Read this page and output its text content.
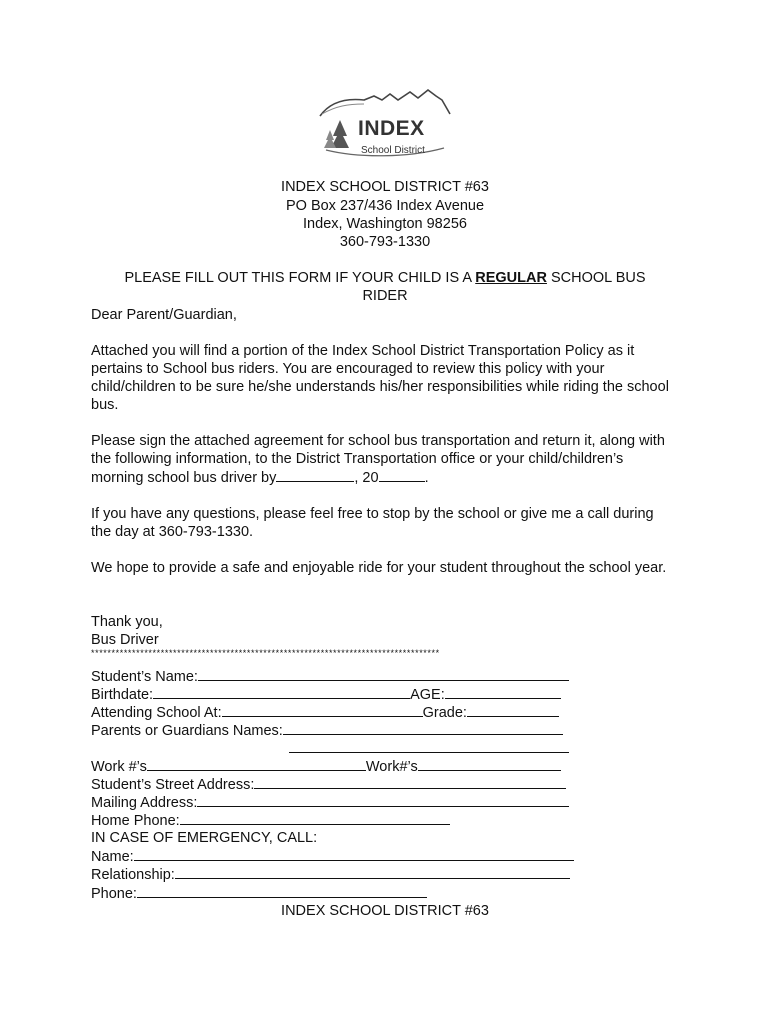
INDEX
School District
INDEX SCHOOL DISTRICT #63
PO Box 237/436 Index Avenue
Index, Washington 98256
360-793-1330
PLEASE FILL OUT THIS FORM IF YOUR CHILD IS A REGULAR SCHOOL BUS
RIDER
Dear Parent/Guardian,
Attached you will find a portion of the Index School District Transportation Policy as it pertains to School bus riders. You are encouraged to review this policy with your child/children to be sure he/she understands his/her responsibilities while riding the school bus.
Please sign the attached agreement for school bus transportation and return it, along with the following information, to the District Transportation office or your child/children’s morning school bus driver by	, 20	.
If you have any questions, please feel free to stop by the school or give me a call during the day at 360-793-1330.
We hope to provide a safe and enjoyable ride for your student throughout the school year.
Thank you,
Bus Driver
*************************************************************************************
Student’s Name:
Birthdate:	AGE:
Attending School At:	Grade:
Parents or Guardians Names:
Work #’s	Work#’s
Student’s Street Address:
Mailing Address:
Home Phone:
IN CASE OF EMERGENCY, CALL:
Name:
Relationship:
Phone:
INDEX SCHOOL DISTRICT #63
